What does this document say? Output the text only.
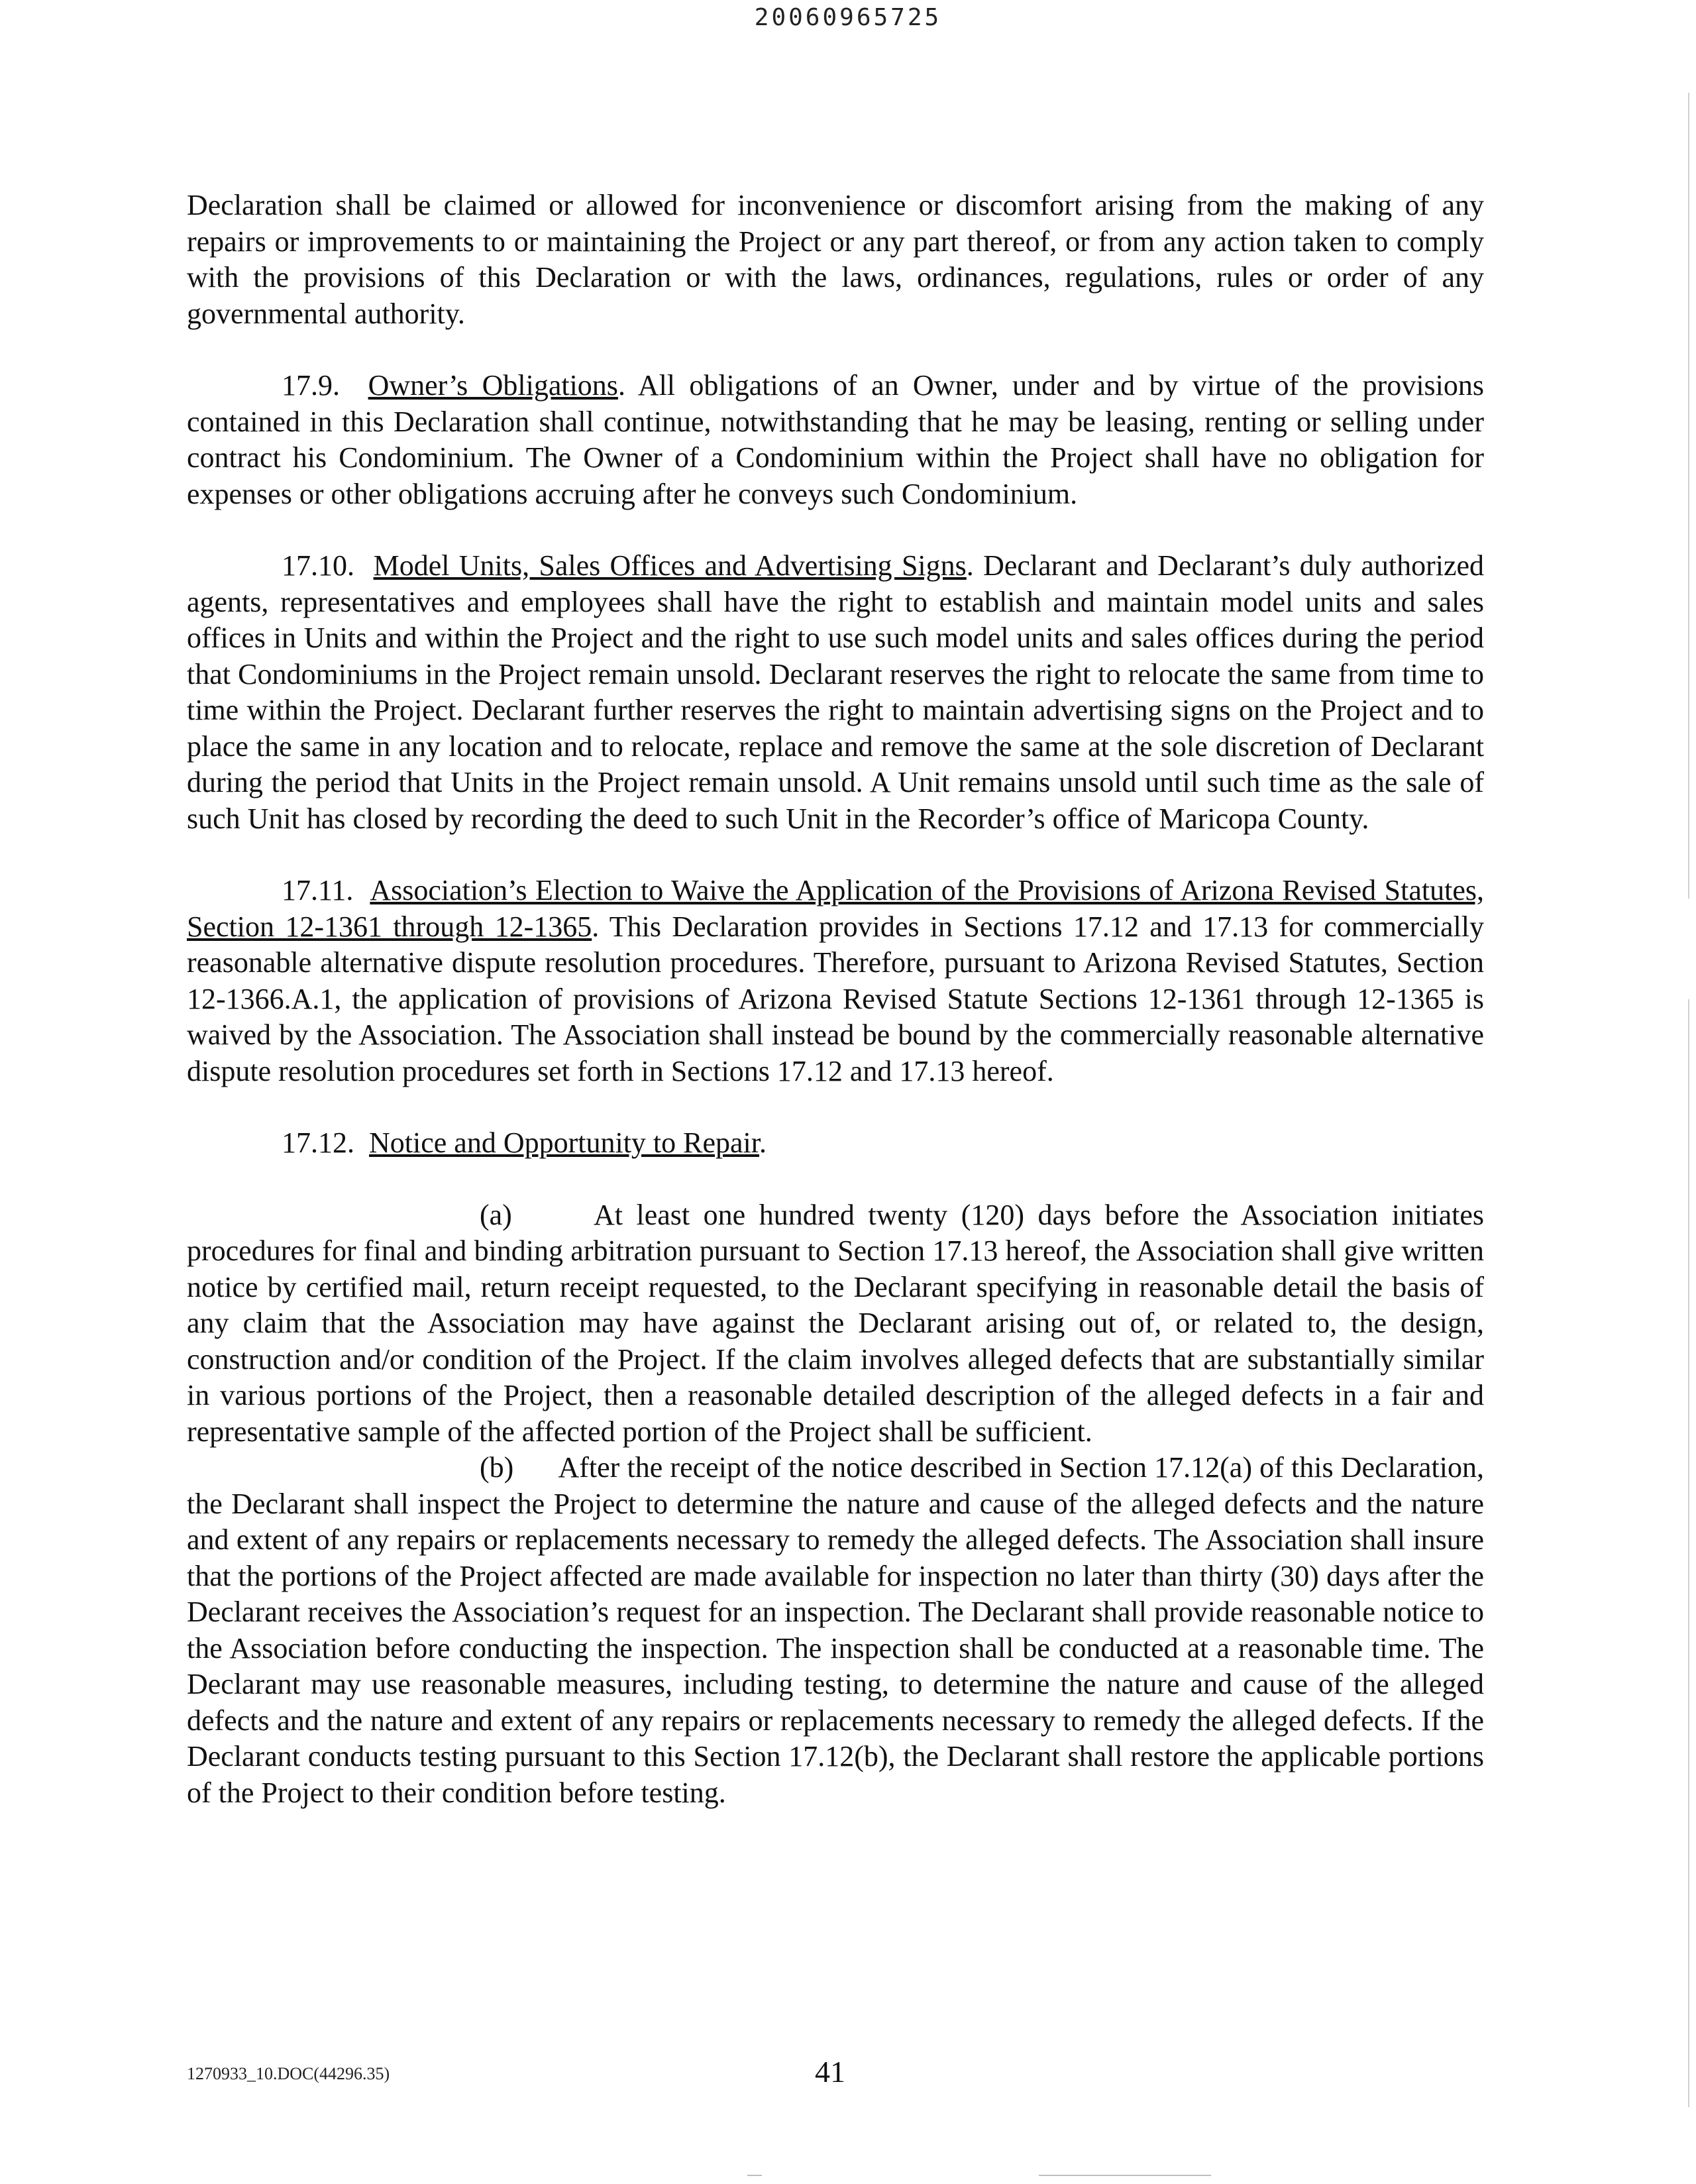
20060965725

Declaration shall be claimed or allowed for inconvenience or discomfort arising from the making of any repairs or improvements to or maintaining the Project or any part thereof, or from any action taken to comply with the provisions of this Declaration or with the laws, ordinances, regulations, rules or order of any governmental authority.

17.9. Owner’s Obligations. All obligations of an Owner, under and by virtue of the provisions contained in this Declaration shall continue, notwithstanding that he may be leasing, renting or selling under contract his Condominium. The Owner of a Condominium within the Project shall have no obligation for expenses or other obligations accruing after he conveys such Condominium.

17.10. Model Units, Sales Offices and Advertising Signs. Declarant and Declarant’s duly authorized agents, representatives and employees shall have the right to establish and maintain model units and sales offices in Units and within the Project and the right to use such model units and sales offices during the period that Condominiums in the Project remain unsold. Declarant reserves the right to relocate the same from time to time within the Project. Declarant further reserves the right to maintain advertising signs on the Project and to place the same in any location and to relocate, replace and remove the same at the sole discretion of Declarant during the period that Units in the Project remain unsold. A Unit remains unsold until such time as the sale of such Unit has closed by recording the deed to such Unit in the Recorder’s office of Maricopa County.

17.11. Association’s Election to Waive the Application of the Provisions of Arizona Revised Statutes, Section 12-1361 through 12-1365. This Declaration provides in Sections 17.12 and 17.13 for commercially reasonable alternative dispute resolution procedures. Therefore, pursuant to Arizona Revised Statutes, Section 12-1366.A.1, the application of provisions of Arizona Revised Statute Sections 12-1361 through 12-1365 is waived by the Association. The Association shall instead be bound by the commercially reasonable alternative dispute resolution procedures set forth in Sections 17.12 and 17.13 hereof.

17.12. Notice and Opportunity to Repair.

(a)	At least one hundred twenty (120) days before the Association initiates procedures for final and binding arbitration pursuant to Section 17.13 hereof, the Association shall give written notice by certified mail, return receipt requested, to the Declarant specifying in reasonable detail the basis of any claim that the Association may have against the Declarant arising out of, or related to, the design, construction and/or condition of the Project. If the claim involves alleged defects that are substantially similar in various portions of the Project, then a reasonable detailed description of the alleged defects in a fair and representative sample of the affected portion of the Project shall be sufficient.

(b) After the receipt of the notice described in Section 17.12(a) of this Declaration, the Declarant shall inspect the Project to determine the nature and cause of the alleged defects and the nature and extent of any repairs or replacements necessary to remedy the alleged defects. The Association shall insure that the portions of the Project affected are made available for inspection no later than thirty (30) days after the Declarant receives the Association’s request for an inspection. The Declarant shall provide reasonable notice to the Association before conducting the inspection. The inspection shall be conducted at a reasonable time. The Declarant may use reasonable measures, including testing, to determine the nature and cause of the alleged defects and the nature and extent of any repairs or replacements necessary to remedy the alleged defects. If the Declarant conducts testing pursuant to this Section 17.12(b), the Declarant shall restore the applicable portions of the Project to their condition before testing.

1270933_10.DOC(44296.35)	41
